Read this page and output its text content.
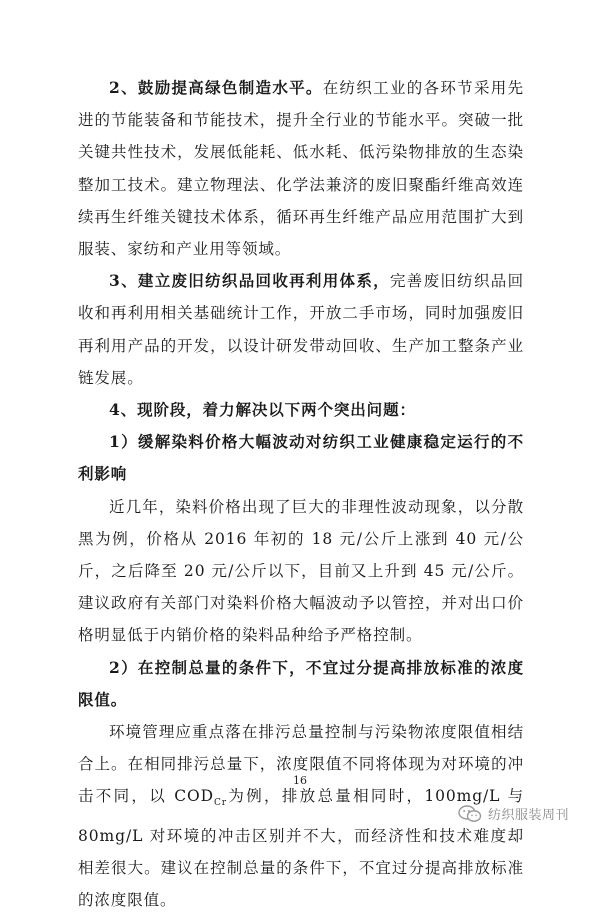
2、鼓励提高绿色制造水平。在纺织工业的各环节采用先进的节能装备和节能技术，提升全行业的节能水平。突破一批关键共性技术，发展低能耗、低水耗、低污染物排放的生态染整加工技术。建立物理法、化学法兼济的废旧聚酯纤维高效连续再生纤维关键技术体系，循环再生纤维产品应用范围扩大到服装、家纺和产业用等领域。

3、建立废旧纺织品回收再利用体系，完善废旧纺织品回收和再利用相关基础统计工作，开放二手市场，同时加强废旧再利用产品的开发，以设计研发带动回收、生产加工整条产业链发展。

4、现阶段，着力解决以下两个突出问题：

1）缓解染料价格大幅波动对纺织工业健康稳定运行的不利影响

近几年，染料价格出现了巨大的非理性波动现象，以分散黑为例，价格从 2016 年初的 18 元/公斤上涨到 40 元/公斤，之后降至 20 元/公斤以下，目前又上升到 45 元/公斤。建议政府有关部门对染料价格大幅波动予以管控，并对出口价格明显低于内销价格的染料品种给予严格控制。

2）在控制总量的条件下，不宜过分提高排放标准的浓度限值。

环境管理应重点落在排污总量控制与污染物浓度限值相结合上。在相同排污总量下，浓度限值不同将体现为对环境的冲击不同，以 $COD_{Cr}$为例，排放总量相同时，100mg/L 与 80mg/L 对环境的冲击区别并不大，而经济性和技术难度却相差很大。建议在控制总量的条件下，不宜过分提高排放标准的浓度限值。

16
纺织服装周刊
